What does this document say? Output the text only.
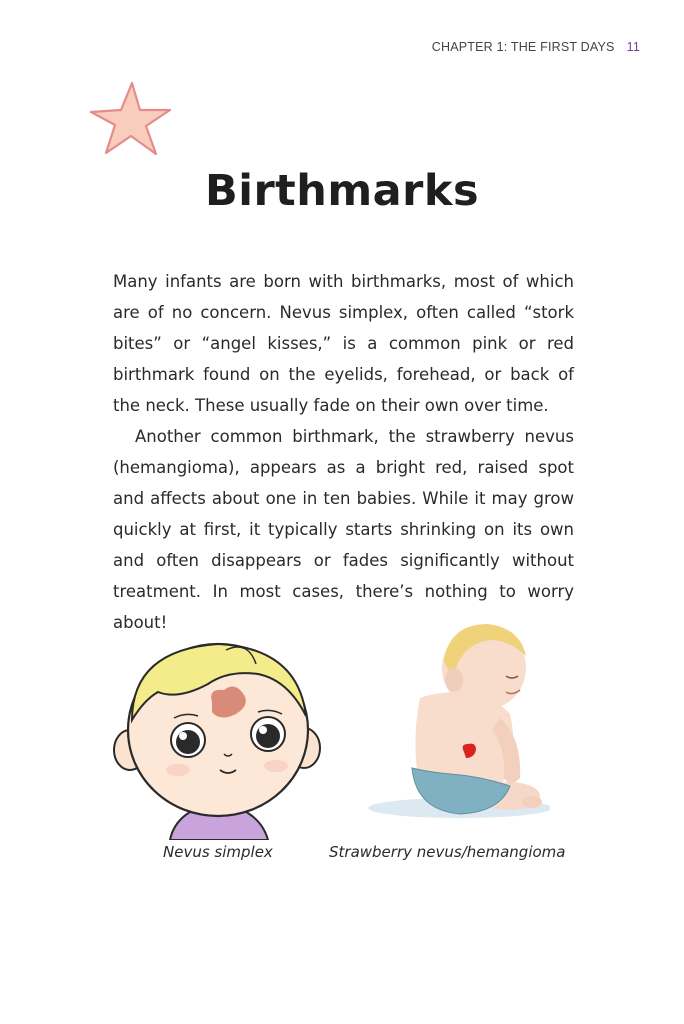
CHAPTER 1: THE FIRST DAYS 11
Birthmarks

Many infants are born with birthmarks, most of which are of no concern. Nevus simplex, often called “stork bites” or “angel kisses,” is a common pink or red birthmark found on the eyelids, forehead, or back of the neck. These usually fade on their own over time.

Another common birthmark, the strawberry nevus (hemangioma), appears as a bright red, raised spot and affects about one in ten babies. While it may grow quickly at first, it typically starts shrinking on its own and often disappears or fades significantly without treatment. In most cases, there’s nothing to worry about!

Nevus simplex	Strawberry nevus/hemangioma
